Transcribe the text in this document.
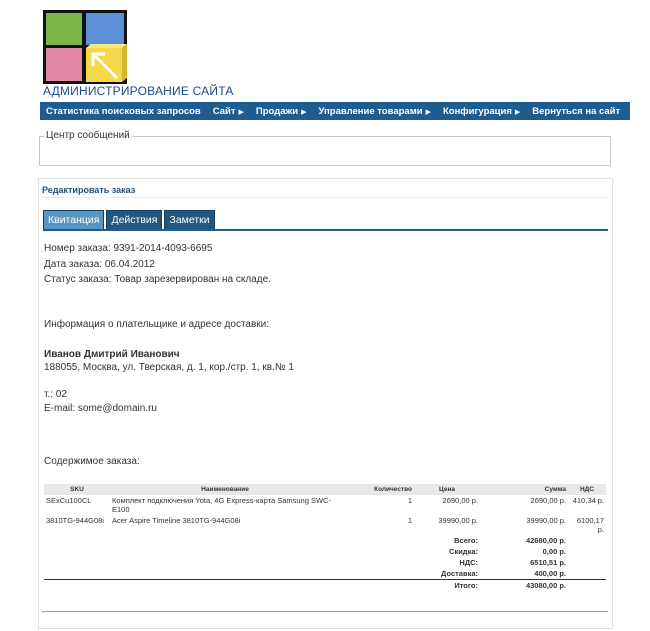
АДМИНИСТРИРОВАНИЕ САЙТА
Статистика поисковых запросов	Сайт ▶	Продажи ▶	Управление товарами ▶	Конфигурация ▶	Вернуться на сайт
Центр сообщений
Редактировать заказ
Квитанция	Действия	Заметки
Номер заказа: 9391-2014-4093-6695
Дата заказа: 06.04.2012
Статус заказа: Товар зарезервирован на складе.
Информация о плательщике и адресе доставки:
Иванов Дмитрий Иванович
188055, Москва, ул. Тверская, д. 1, кор./стр. 1, кв.№ 1
т.: 02
E-mail: some@domain.ru
Содержимое заказа:
SKU	Наименование	Количество	Цена	Сумма	НДС
SExCu100CL	Комплект подключения Yota, 4G Express-карта Samsung SWC-E100	1	2690,00 р.	2690,00 р.	410,34 р.
3810TG-944G08i	Acer Aspire Timeline 3810TG-944G08i	1	39990,00 р.	39990,00 р.	6100,17 р.
Всего:				42680,00 р.	
Скидка:				0,00 р.	
НДС:				6510,51 р.	
Доставка:				400,00 р.	
Итого:				43080,00 р.	
